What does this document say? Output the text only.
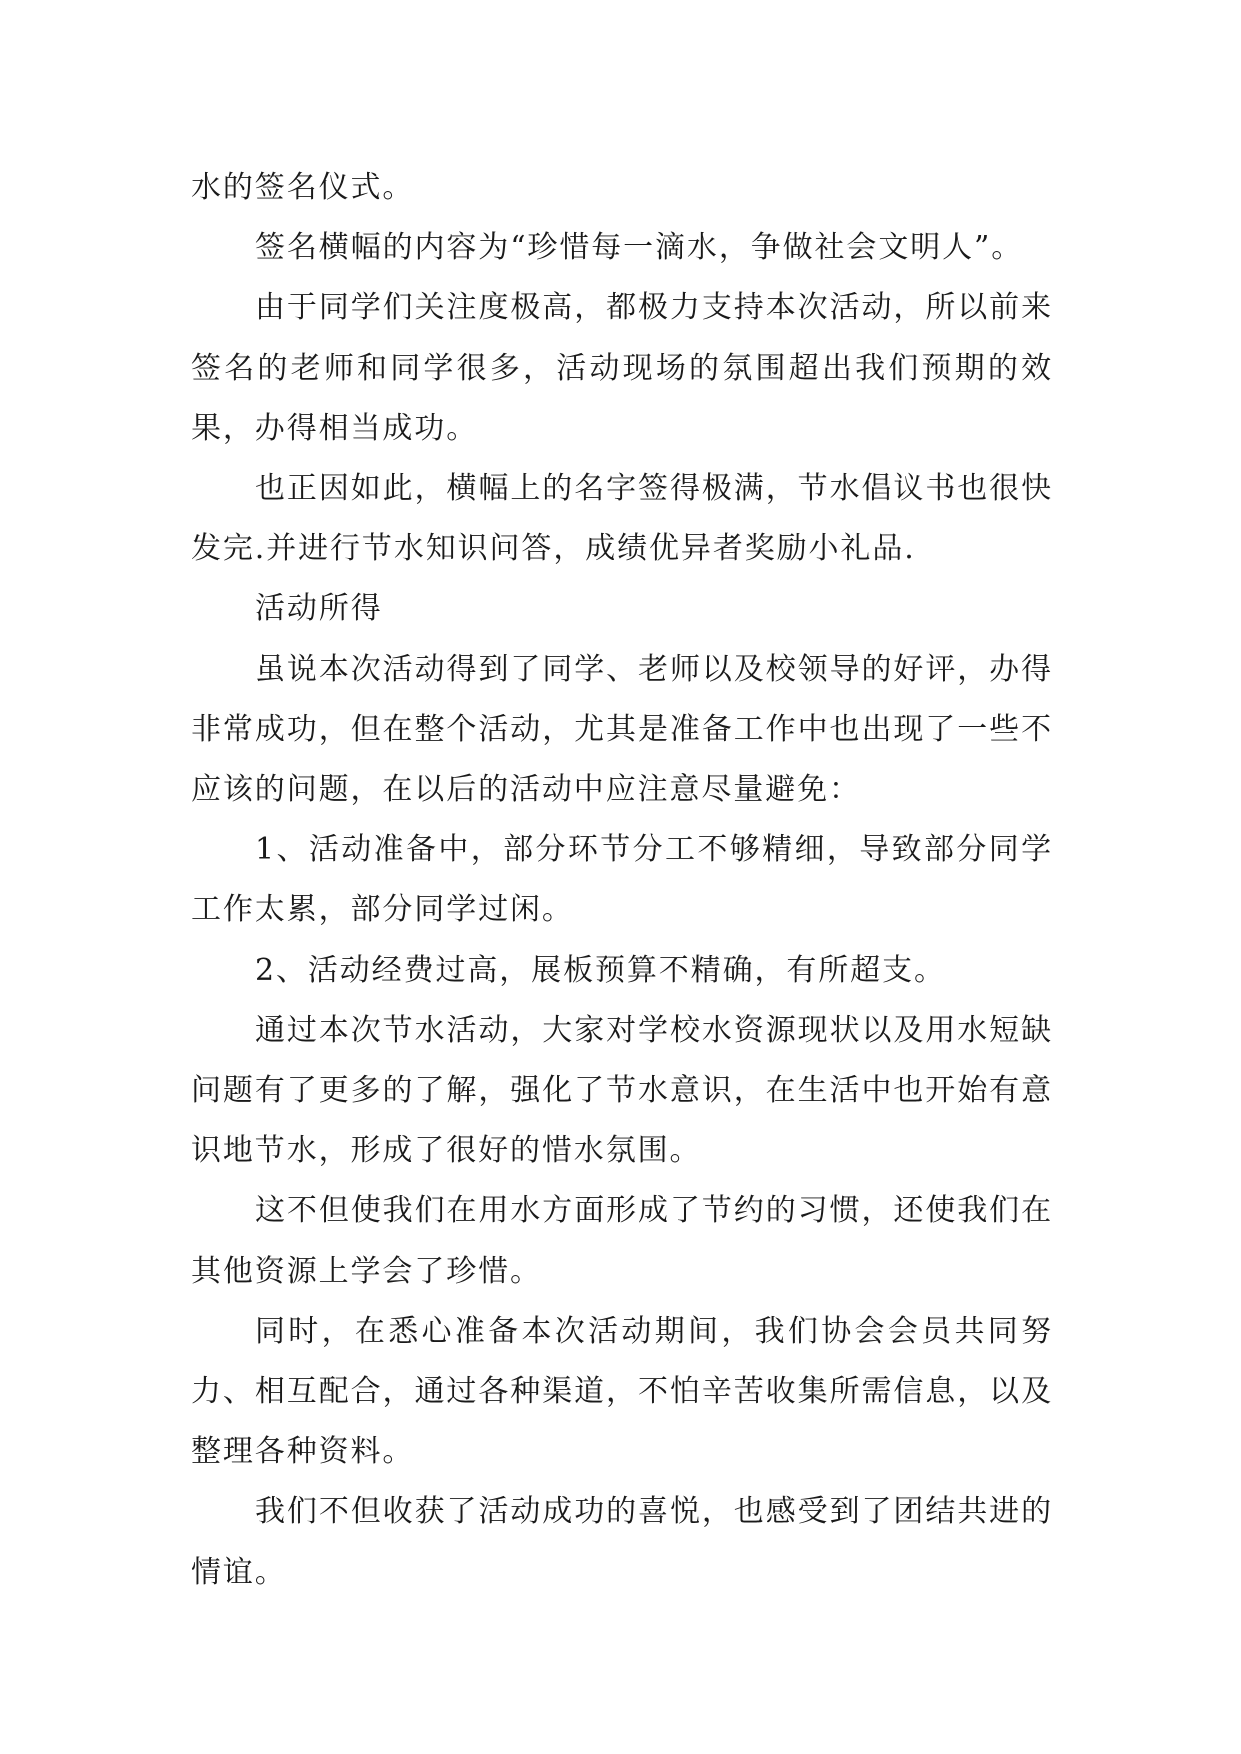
水的签名仪式。

签名横幅的内容为“珍惜每一滴水，争做社会文明人”。

由于同学们关注度极高，都极力支持本次活动，所以前来签名的老师和同学很多，活动现场的氛围超出我们预期的效果，办得相当成功。

也正因如此，横幅上的名字签得极满，节水倡议书也很快发完.并进行节水知识问答，成绩优异者奖励小礼品.

活动所得

虽说本次活动得到了同学、老师以及校领导的好评，办得非常成功，但在整个活动，尤其是准备工作中也出现了一些不应该的问题，在以后的活动中应注意尽量避免：

1、活动准备中，部分环节分工不够精细，导致部分同学工作太累，部分同学过闲。

2、活动经费过高，展板预算不精确，有所超支。

通过本次节水活动，大家对学校水资源现状以及用水短缺问题有了更多的了解，强化了节水意识，在生活中也开始有意识地节水，形成了很好的惜水氛围。

这不但使我们在用水方面形成了节约的习惯，还使我们在其他资源上学会了珍惜。

同时，在悉心准备本次活动期间，我们协会会员共同努力、相互配合，通过各种渠道，不怕辛苦收集所需信息，以及整理各种资料。

我们不但收获了活动成功的喜悦，也感受到了团结共进的情谊。
